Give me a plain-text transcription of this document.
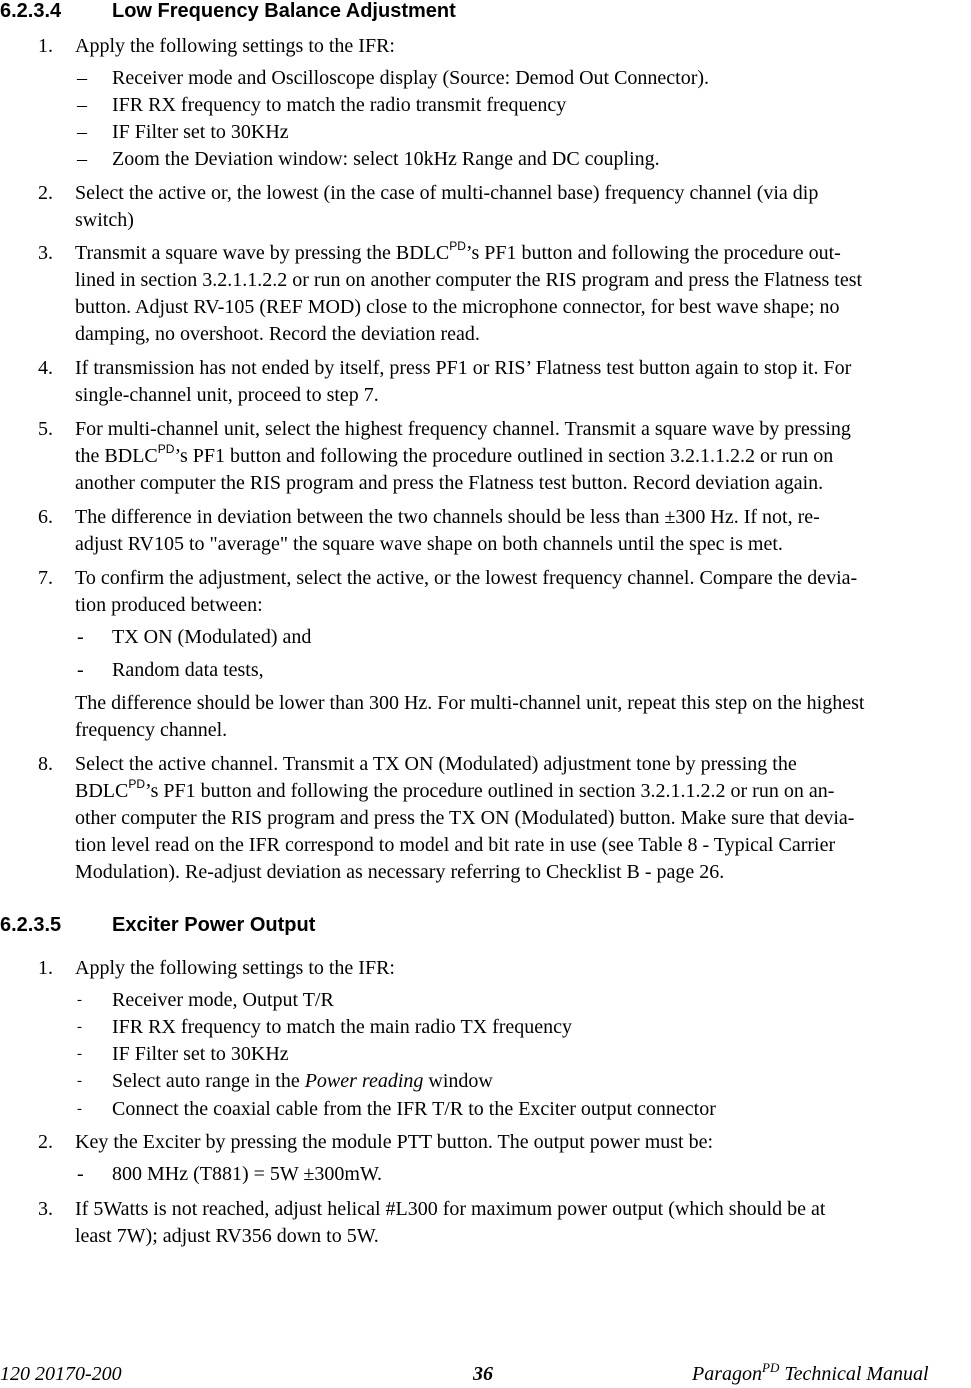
6.2.3.4	Low Frequency Balance Adjustment
1. Apply the following settings to the IFR:
– Receiver mode and Oscilloscope display (Source: Demod Out Connector).
– IFR RX frequency to match the radio transmit frequency
– IF Filter set to 30KHz
– Zoom the Deviation window: select 10kHz Range and DC coupling.
2. Select the active or, the lowest (in the case of multi-channel base) frequency channel (via dip
switch)
3. Transmit a square wave by pressing the $BDLC^{PD}’s$ PF1 button and following the procedure out-
lined in section 3.2.1.1.2.2 or run on another computer the RIS program and press the Flatness test
button. Adjust RV-105 (REF MOD) close to the microphone connector, for best wave shape; no
damping, no overshoot. Record the deviation read.
4. If transmission has not ended by itself, press PF1 or RIS’ Flatness test button again to stop it. For
single-channel unit, proceed to step 7.
5. For multi-channel unit, select the highest frequency channel. Transmit a square wave by pressing
the $BDLC^{PD}’s$ PF1 button and following the procedure outlined in section 3.2.1.1.2.2 or run on
another computer the RIS program and press the Flatness test button. Record deviation again.
6. The difference in deviation between the two channels should be less than ±300 Hz. If not, re-
adjust RV105 to "average" the square wave shape on both channels until the spec is met.
7. To confirm the adjustment, select the active, or the lowest frequency channel. Compare the devia-
tion produced between:
- TX ON (Modulated) and
- Random data tests,
The difference should be lower than 300 Hz. For multi-channel unit, repeat this step on the highest
frequency channel.
8. Select the active channel. Transmit a TX ON (Modulated) adjustment tone by pressing the
$BDLC^{PD}’s$ PF1 button and following the procedure outlined in section 3.2.1.1.2.2 or run on an-
other computer the RIS program and press the TX ON (Modulated) button. Make sure that devia-
tion level read on the IFR correspond to model and bit rate in use (see Table 8 - Typical Carrier
Modulation). Re-adjust deviation as necessary referring to Checklist B - page 26.
6.2.3.5	Exciter Power Output
1. Apply the following settings to the IFR:
- Receiver mode, Output T/R
- IFR RX frequency to match the main radio TX frequency
- IF Filter set to 30KHz
- Select auto range in the Power reading window
- Connect the coaxial cable from the IFR T/R to the Exciter output connector
2. Key the Exciter by pressing the module PTT button. The output power must be:
- 800 MHz (T881) = 5W ±300mW.
3. If 5Watts is not reached, adjust helical #L300 for maximum power output (which should be at
least 7W); adjust RV356 down to 5W.
120 20170-200	36	Paragon$^{PD}$ Technical Manual
